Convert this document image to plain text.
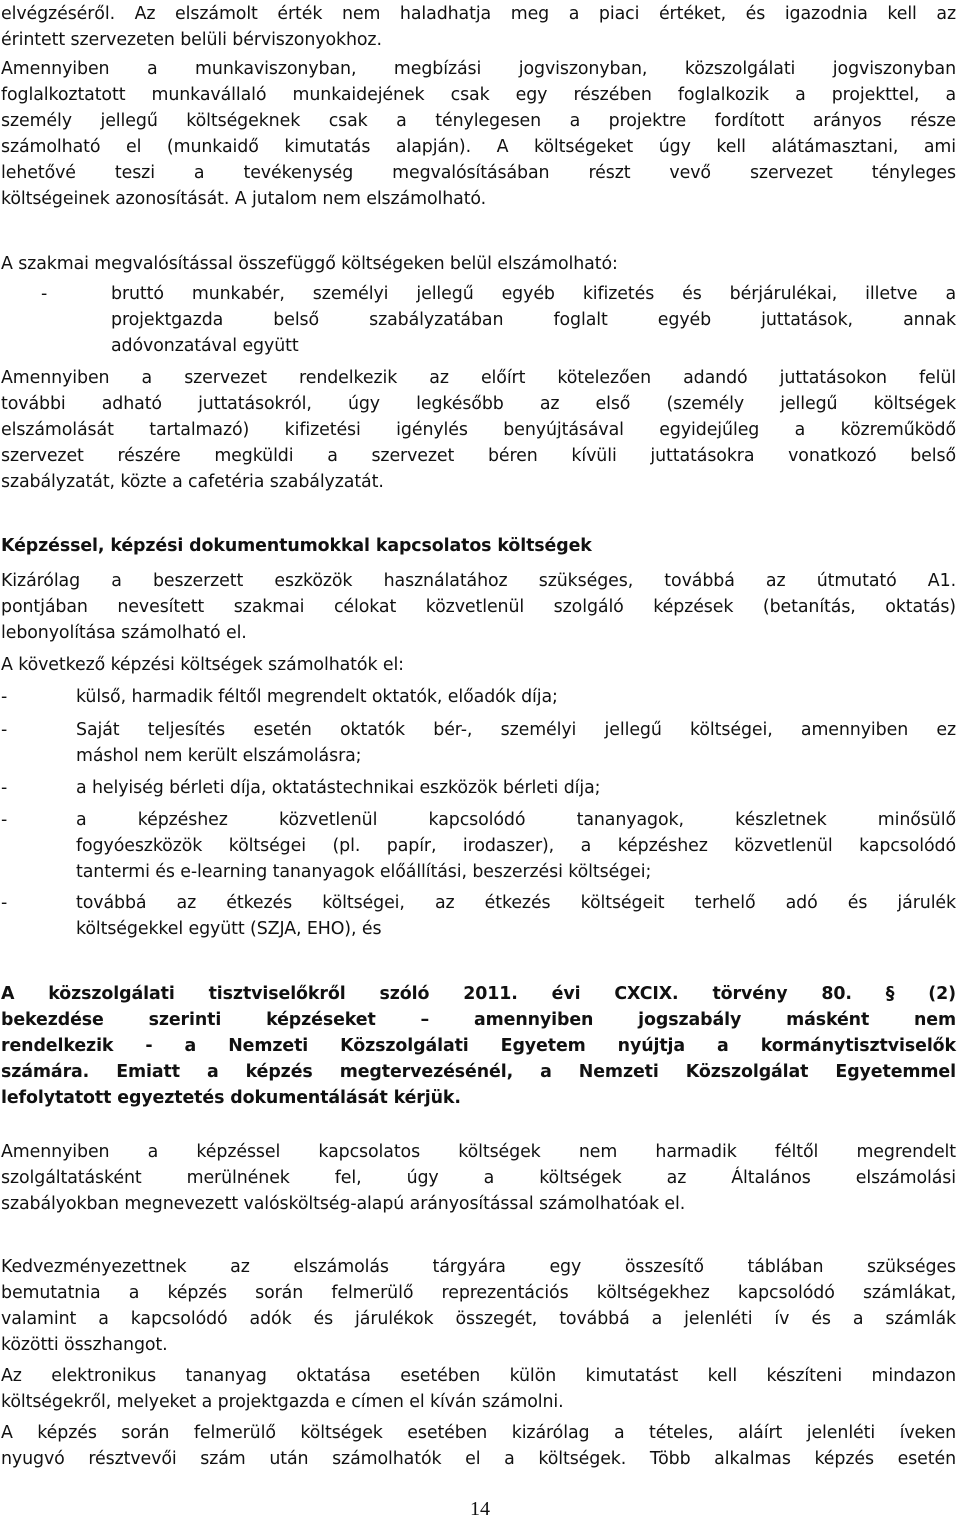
elvégzéséről. Az elszámolt érték nem haladhatja meg a piaci értéket, és igazodnia kell az
érintett szervezeten belüli bérviszonyokhoz.
Amennyiben a munkaviszonyban, megbízási jogviszonyban, közszolgálati jogviszonyban
foglalkoztatott munkavállaló munkaidejének csak egy részében foglalkozik a projekttel, a
személy jellegű költségeknek csak a ténylegesen a projektre fordított arányos része
számolható el (munkaidő kimutatás alapján). A költségeket úgy kell alátámasztani, ami
lehetővé teszi a tevékenység megvalósításában részt vevő szervezet tényleges
költségeinek azonosítását. A jutalom nem elszámolható.
A szakmai megvalósítással összefüggő költségeken belül elszámolható:
-	bruttó munkabér, személyi jellegű egyéb kifizetés és bérjárulékai, illetve a
projektgazda belső szabályzatában foglalt egyéb juttatások, annak
adóvonzatával együtt
Amennyiben a szervezet rendelkezik az előírt kötelezően adandó juttatásokon felül
további adható juttatásokról, úgy legkésőbb az első (személy jellegű költségek
elszámolását tartalmazó) kifizetési igénylés benyújtásával egyidejűleg a közreműködő
szervezet részére megküldi a szervezet béren kívüli juttatásokra vonatkozó belső
szabályzatát, közte a cafetéria szabályzatát.
Képzéssel, képzési dokumentumokkal kapcsolatos költségek
Kizárólag a beszerzett eszközök használatához szükséges, továbbá az útmutató A1.
pontjában nevesített szakmai célokat közvetlenül szolgáló képzések (betanítás, oktatás)
lebonyolítása számolható el.
A következő képzési költségek számolhatók el:
-	külső, harmadik féltől megrendelt oktatók, előadók díja;
-	Saját teljesítés esetén oktatók bér-, személyi jellegű költségei, amennyiben ez
máshol nem került elszámolásra;
-	a helyiség bérleti díja, oktatástechnikai eszközök bérleti díja;
-	a képzéshez közvetlenül kapcsolódó tananyagok, készletnek minősülő
fogyóeszközök költségei (pl. papír, irodaszer), a képzéshez közvetlenül kapcsolódó
tantermi és e-learning tananyagok előállítási, beszerzési költségei;
-	továbbá az étkezés költségei, az étkezés költségeit terhelő adó és járulék
költségekkel együtt (SZJA, EHO), és
A közszolgálati tisztviselőkről szóló 2011. évi CXCIX. törvény 80. § (2)
bekezdése szerinti képzéseket – amennyiben jogszabály másként nem
rendelkezik - a Nemzeti Közszolgálati Egyetem nyújtja a kormánytisztviselők
számára. Emiatt a képzés megtervezésénél, a Nemzeti Közszolgálat Egyetemmel
lefolytatott egyeztetés dokumentálását kérjük.
Amennyiben a képzéssel kapcsolatos költségek nem harmadik féltől megrendelt
szolgáltatásként merülnének fel, úgy a költségek az Általános elszámolási
szabályokban megnevezett valósköltség-alapú arányosítással számolhatóak el.
Kedvezményezettnek az elszámolás tárgyára egy összesítő táblában szükséges
bemutatnia a képzés során felmerülő reprezentációs költségekhez kapcsolódó számlákat,
valamint a kapcsolódó adók és járulékok összegét, továbbá a jelenléti ív és a számlák
közötti összhangot.
Az elektronikus tananyag oktatása esetében külön kimutatást kell készíteni mindazon
költségekről, melyeket a projektgazda e címen el kíván számolni.
A képzés során felmerülő költségek esetében kizárólag a tételes, aláírt jelenléti íveken
nyugvó résztvevői szám után számolhatók el a költségek. Több alkalmas képzés esetén
14
